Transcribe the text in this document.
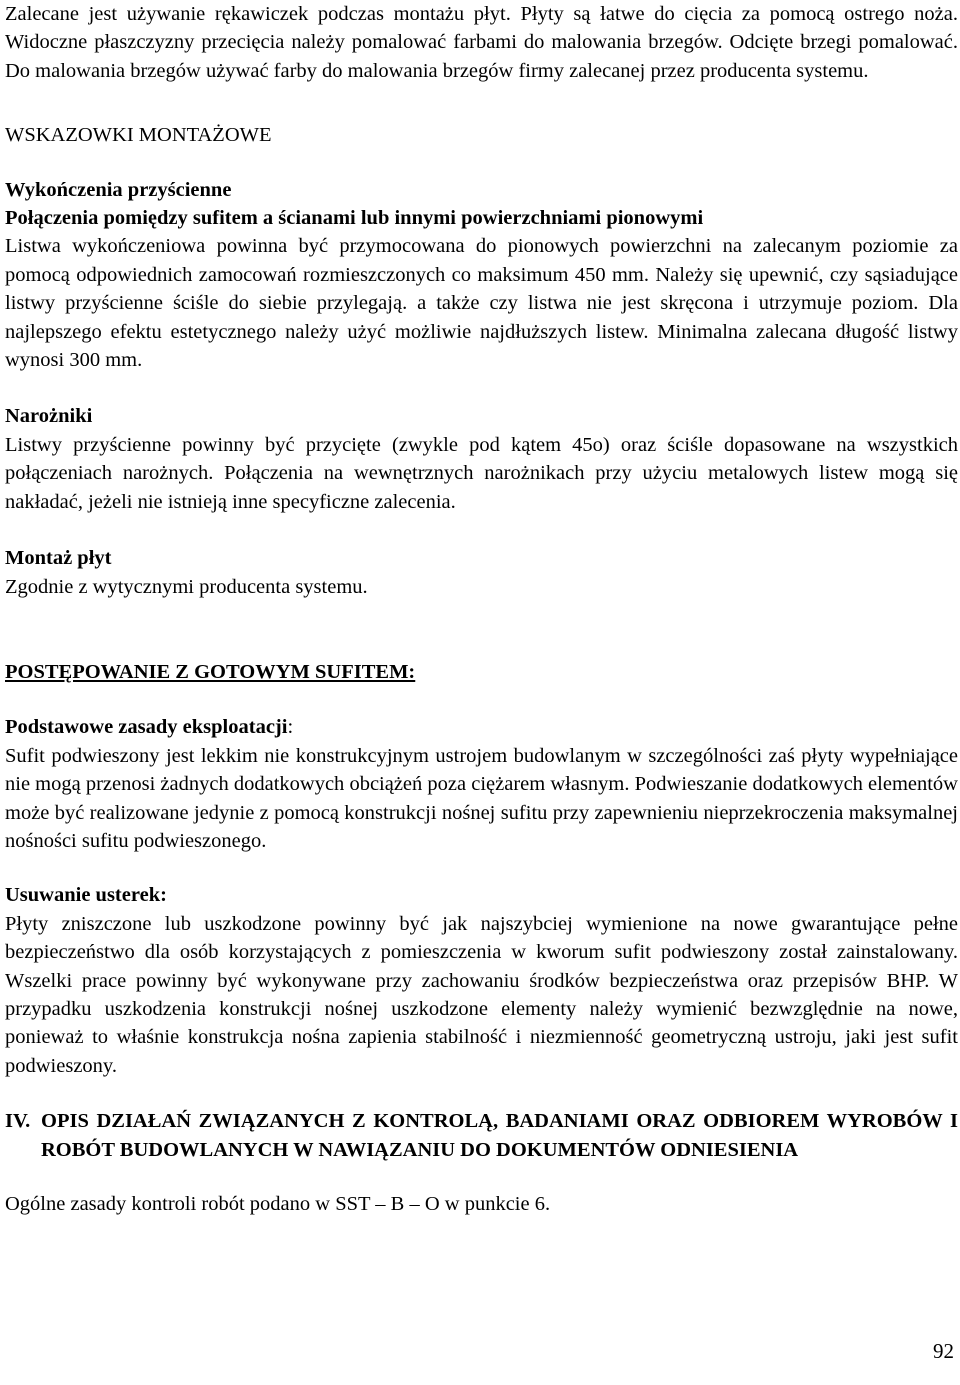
Zalecane jest używanie rękawiczek podczas montażu płyt. Płyty są łatwe do cięcia za pomocą ostrego noża. Widoczne płaszczyzny przecięcia należy pomalować farbami do malowania brzegów. Odcięte brzegi pomalować. Do malowania brzegów używać farby do malowania brzegów firmy zalecanej przez producenta systemu.

WSKAZOWKI MONTAŻOWE

Wykończenia przyścienne

Połączenia pomiędzy sufitem a ścianami lub innymi powierzchniami pionowymi

Listwa wykończeniowa powinna być przymocowana do pionowych powierzchni na zalecanym poziomie za pomocą odpowiednich zamocowań rozmieszczonych co maksimum 450 mm. Należy się upewnić, czy sąsiadujące listwy przyścienne ściśle do siebie przylegają. a także czy listwa nie jest skręcona i utrzymuje poziom. Dla najlepszego efektu estetycznego należy użyć możliwie najdłuższych listew. Minimalna zalecana długość listwy wynosi 300 mm.

Narożniki

Listwy przyścienne powinny być przycięte (zwykle pod kątem 45o) oraz ściśle dopasowane na wszystkich połączeniach narożnych. Połączenia na wewnętrznych narożnikach przy użyciu metalowych listew mogą się nakładać, jeżeli nie istnieją inne specyficzne zalecenia.

Montaż płyt

Zgodnie z wytycznymi producenta systemu.

POSTĘPOWANIE Z GOTOWYM SUFITEM:

Podstawowe zasady eksploatacji:

Sufit podwieszony jest lekkim nie konstrukcyjnym ustrojem budowlanym w szczególności zaś płyty wypełniające nie mogą przenosi żadnych dodatkowych obciążeń poza ciężarem własnym. Podwieszanie dodatkowych elementów może być realizowane jedynie z pomocą konstrukcji nośnej sufitu przy zapewnieniu nieprzekroczenia maksymalnej nośności sufitu podwieszonego.

Usuwanie usterek:

Płyty zniszczone lub uszkodzone powinny być jak najszybciej wymienione na nowe gwarantujące pełne bezpieczeństwo dla osób korzystających z pomieszczenia w kworum sufit podwieszony został zainstalowany. Wszelki prace powinny być wykonywane przy zachowaniu środków bezpieczeństwa oraz przepisów BHP. W przypadku uszkodzenia konstrukcji nośnej uszkodzone elementy należy wymienić bezwzględnie na nowe, ponieważ to właśnie konstrukcja nośna zapienia stabilność i niezmienność geometryczną ustroju, jaki jest sufit podwieszony.

IV. OPIS DZIAŁAŃ ZWIĄZANYCH Z KONTROLĄ, BADANIAMI ORAZ ODBIOREM WYROBÓW I ROBÓT BUDOWLANYCH W NAWIĄZANIU DO DOKUMENTÓW ODNIESIENIA

Ogólne zasady kontroli robót podano w SST – B – O w punkcie 6.

92
